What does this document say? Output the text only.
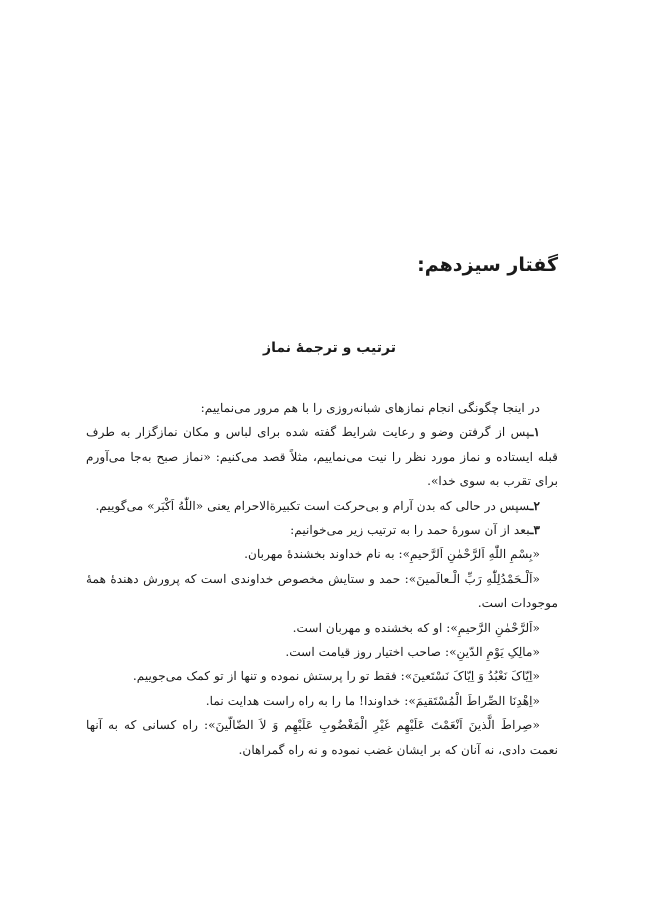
گفتار سیزدهم:
ترتیب و ترجمهٔ نماز

در اینجا چگونگی انجام نمازهای شبانه‌روزی را با هم مرور می‌نماییم:

۱ـپس از گرفتن وضو و رعایت شرایط گفته شده برای لباس و مکان نمازگزار به طرف قبله ایستاده و نماز مورد نظر را نیت می‌نماییم، مثلاً قصد می‌کنیم: «نماز صبح به‌جا می‌آورم برای تقرب به سوی خدا».

۲ـسپس در حالی که بدن آرام و بی‌حرکت است تکبیرةالاحرام یعنی «اللّٰهُ اَکْبَر» می‌گوییم.

۳ـبعد از آن سورهٔ حمد را به ترتیب زیر می‌خوانیم:

«بِسْمِ اللّٰهِ اَلرَّحْمٰنِ اَلرَّحیمِ»: به نام خداوند بخشندهٔ مهربان.

«اَلْـحَمْدُلِلّٰهِ رَبِّ الْـعالَمینَ»: حمد و ستایش مخصوص خداوندی است که پرورش دهندهٔ همهٔ موجودات است.

«اَلرَّحْمٰنِ الرَّحیمِ»: او که بخشنده و مهربان است.

«مالِکِ یَوْمِ الدّینِ»: صاحب اختیار روز قیامت است.

«اِیّاکَ نَعْبُدُ وَ اِیّاکَ نَسْتَعینَ»: فقط تو را پرستش نموده و تنها از تو کمک می‌جوییم.

«اِهْدِنَا الصِّراطَ الْمُسْتَقیمَ»: خداوندا! ما را به راه راست هدایت نما.

«صِراطَ الَّذینَ اَنْعَمْتَ عَلَیْهِم غَیْرِ الْمَغْضُوبِ عَلَیْهِم وَ لاَ الضّالّینَ»: راه کسانی که به آنها نعمت دادی، نه آنان که بر ایشان غضب نموده و نه راه گمراهان.
